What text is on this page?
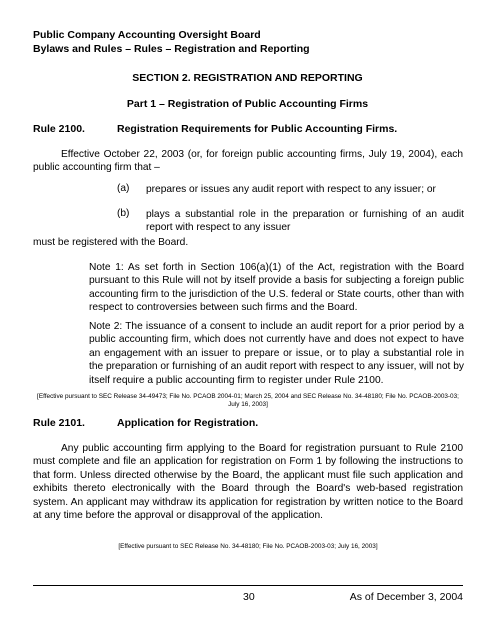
Public Company Accounting Oversight Board
Bylaws and Rules – Rules – Registration and Reporting
SECTION 2. REGISTRATION AND REPORTING
Part 1 – Registration of Public Accounting Firms
Rule 2100.	Registration Requirements for Public Accounting Firms.
Effective October 22, 2003 (or, for foreign public accounting firms, July 19, 2004), each public accounting firm that –
(a) prepares or issues any audit report with respect to any issuer; or
(b) plays a substantial role in the preparation or furnishing of an audit report with respect to any issuer
must be registered with the Board.
Note 1: As set forth in Section 106(a)(1) of the Act, registration with the Board pursuant to this Rule will not by itself provide a basis for subjecting a foreign public accounting firm to the jurisdiction of the U.S. federal or State courts, other than with respect to controversies between such firms and the Board.
Note 2: The issuance of a consent to include an audit report for a prior period by a public accounting firm, which does not currently have and does not expect to have an engagement with an issuer to prepare or issue, or to play a substantial role in the preparation or furnishing of an audit report with respect to any issuer, will not by itself require a public accounting firm to register under Rule 2100.
[Effective pursuant to SEC Release 34-49473; File No. PCAOB 2004-01; March 25, 2004 and SEC Release No. 34-48180; File No. PCAOB-2003-03; July 16, 2003]
Rule 2101.	Application for Registration.
Any public accounting firm applying to the Board for registration pursuant to Rule 2100 must complete and file an application for registration on Form 1 by following the instructions to that form. Unless directed otherwise by the Board, the applicant must file such application and exhibits thereto electronically with the Board through the Board's web-based registration system. An applicant may withdraw its application for registration by written notice to the Board at any time before the approval or disapproval of the application.
[Effective pursuant to SEC Release No. 34-48180; File No. PCAOB-2003-03; July 16, 2003]
30	As of December 3, 2004
